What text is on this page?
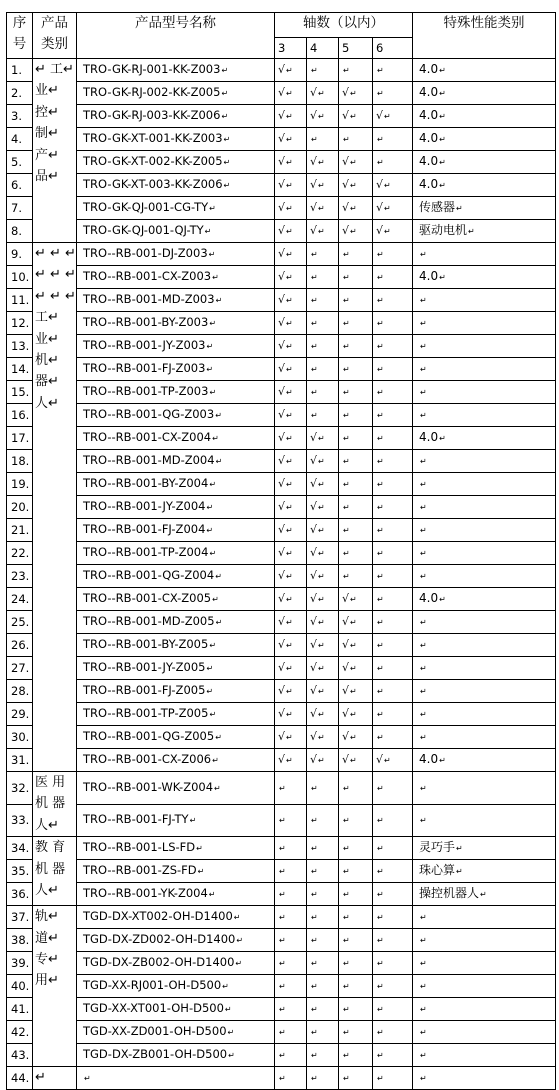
序号	产品类别	产品型号名称	轴数（以内）				特殊性能类别
			3	4	5	6	
1.	↵ 工↵ 业↵ 控↵ 制↵ 产↵ 品↵	TRO-GK-RJ-001-KK-Z003↵	√↵	↵	↵	↵	4.0↵
2.		TRO-GK-RJ-002-KK-Z005↵	√↵	√↵	√↵	↵	4.0↵
3.		TRO-GK-RJ-003-KK-Z006↵	√↵	√↵	√↵	√↵	4.0↵
4.		TRO-GK-XT-001-KK-Z003↵	√↵	↵	↵	↵	4.0↵
5.		TRO-GK-XT-002-KK-Z005↵	√↵	√↵	√↵	↵	4.0↵
6.		TRO-GK-XT-003-KK-Z006↵	√↵	√↵	√↵	√↵	4.0↵
7.		TRO-GK-QJ-001-CG-TY↵	√↵	√↵	√↵	√↵	传感器↵
8.		TRO-GK-QJ-001-QJ-TY↵	√↵	√↵	√↵	√↵	驱动电机↵
9.	↵ ↵ ↵ ↵ ↵ ↵ ↵ ↵ ↵ 工↵ 业↵ 机↵ 器↵ 人↵	TRO--RB-001-DJ-Z003↵	√↵	↵	↵	↵	↵
10.		TRO--RB-001-CX-Z003↵	√↵	↵	↵	↵	4.0↵
11.		TRO--RB-001-MD-Z003↵	√↵	↵	↵	↵	↵
12.		TRO--RB-001-BY-Z003↵	√↵	↵	↵	↵	↵
13.		TRO--RB-001-JY-Z003↵	√↵	↵	↵	↵	↵
14.		TRO--RB-001-FJ-Z003↵	√↵	↵	↵	↵	↵
15.		TRO--RB-001-TP-Z003↵	√↵	↵	↵	↵	↵
16.		TRO--RB-001-QG-Z003↵	√↵	↵	↵	↵	↵
17.		TRO--RB-001-CX-Z004↵	√↵	√↵	↵	↵	4.0↵
18.		TRO--RB-001-MD-Z004↵	√↵	√↵	↵	↵	↵
19.		TRO--RB-001-BY-Z004↵	√↵	√↵	↵	↵	↵
20.		TRO--RB-001-JY-Z004↵	√↵	√↵	↵	↵	↵
21.		TRO--RB-001-FJ-Z004↵	√↵	√↵	↵	↵	↵
22.		TRO--RB-001-TP-Z004↵	√↵	√↵	↵	↵	↵
23.		TRO--RB-001-QG-Z004↵	√↵	√↵	↵	↵	↵
24.		TRO--RB-001-CX-Z005↵	√↵	√↵	√↵	↵	4.0↵
25.		TRO--RB-001-MD-Z005↵	√↵	√↵	√↵	↵	↵
26.		TRO--RB-001-BY-Z005↵	√↵	√↵	√↵	↵	↵
27.		TRO--RB-001-JY-Z005↵	√↵	√↵	√↵	↵	↵
28.		TRO--RB-001-FJ-Z005↵	√↵	√↵	√↵	↵	↵
29.		TRO--RB-001-TP-Z005↵	√↵	√↵	√↵	↵	↵
30.		TRO--RB-001-QG-Z005↵	√↵	√↵	√↵	↵	↵
31.		TRO--RB-001-CX-Z006↵	√↵	√↵	√↵	√↵	4.0↵
32.	医 用 机 器 人↵	TRO--RB-001-WK-Z004↵	↵	↵	↵	↵	↵
33.		TRO--RB-001-FJ-TY↵	↵	↵	↵	↵	↵
34.	教 育 机 器 人↵	TRO--RB-001-LS-FD↵	↵	↵	↵	↵	灵巧手↵
35.		TRO--RB-001-ZS-FD↵	↵	↵	↵	↵	珠心算↵
36.		TRO--RB-001-YK-Z004↵	↵	↵	↵	↵	操控机器人↵
37.	轨↵ 道↵ 专↵ 用↵	TGD-DX-XT002-OH-D1400↵	↵	↵	↵	↵	↵
38.		TGD-DX-ZD002-OH-D1400↵	↵	↵	↵	↵	↵
39.		TGD-DX-ZB002-OH-D1400↵	↵	↵	↵	↵	↵
40.		TGD-XX-RJ001-OH-D500↵	↵	↵	↵	↵	↵
41.		TGD-XX-XT001-OH-D500↵	↵	↵	↵	↵	↵
42.		TGD-XX-ZD001-OH-D500↵	↵	↵	↵	↵	↵
43.		TGD-DX-ZB001-OH-D500↵	↵	↵	↵	↵	↵
44.	↵	↵	↵	↵	↵	↵	↵
